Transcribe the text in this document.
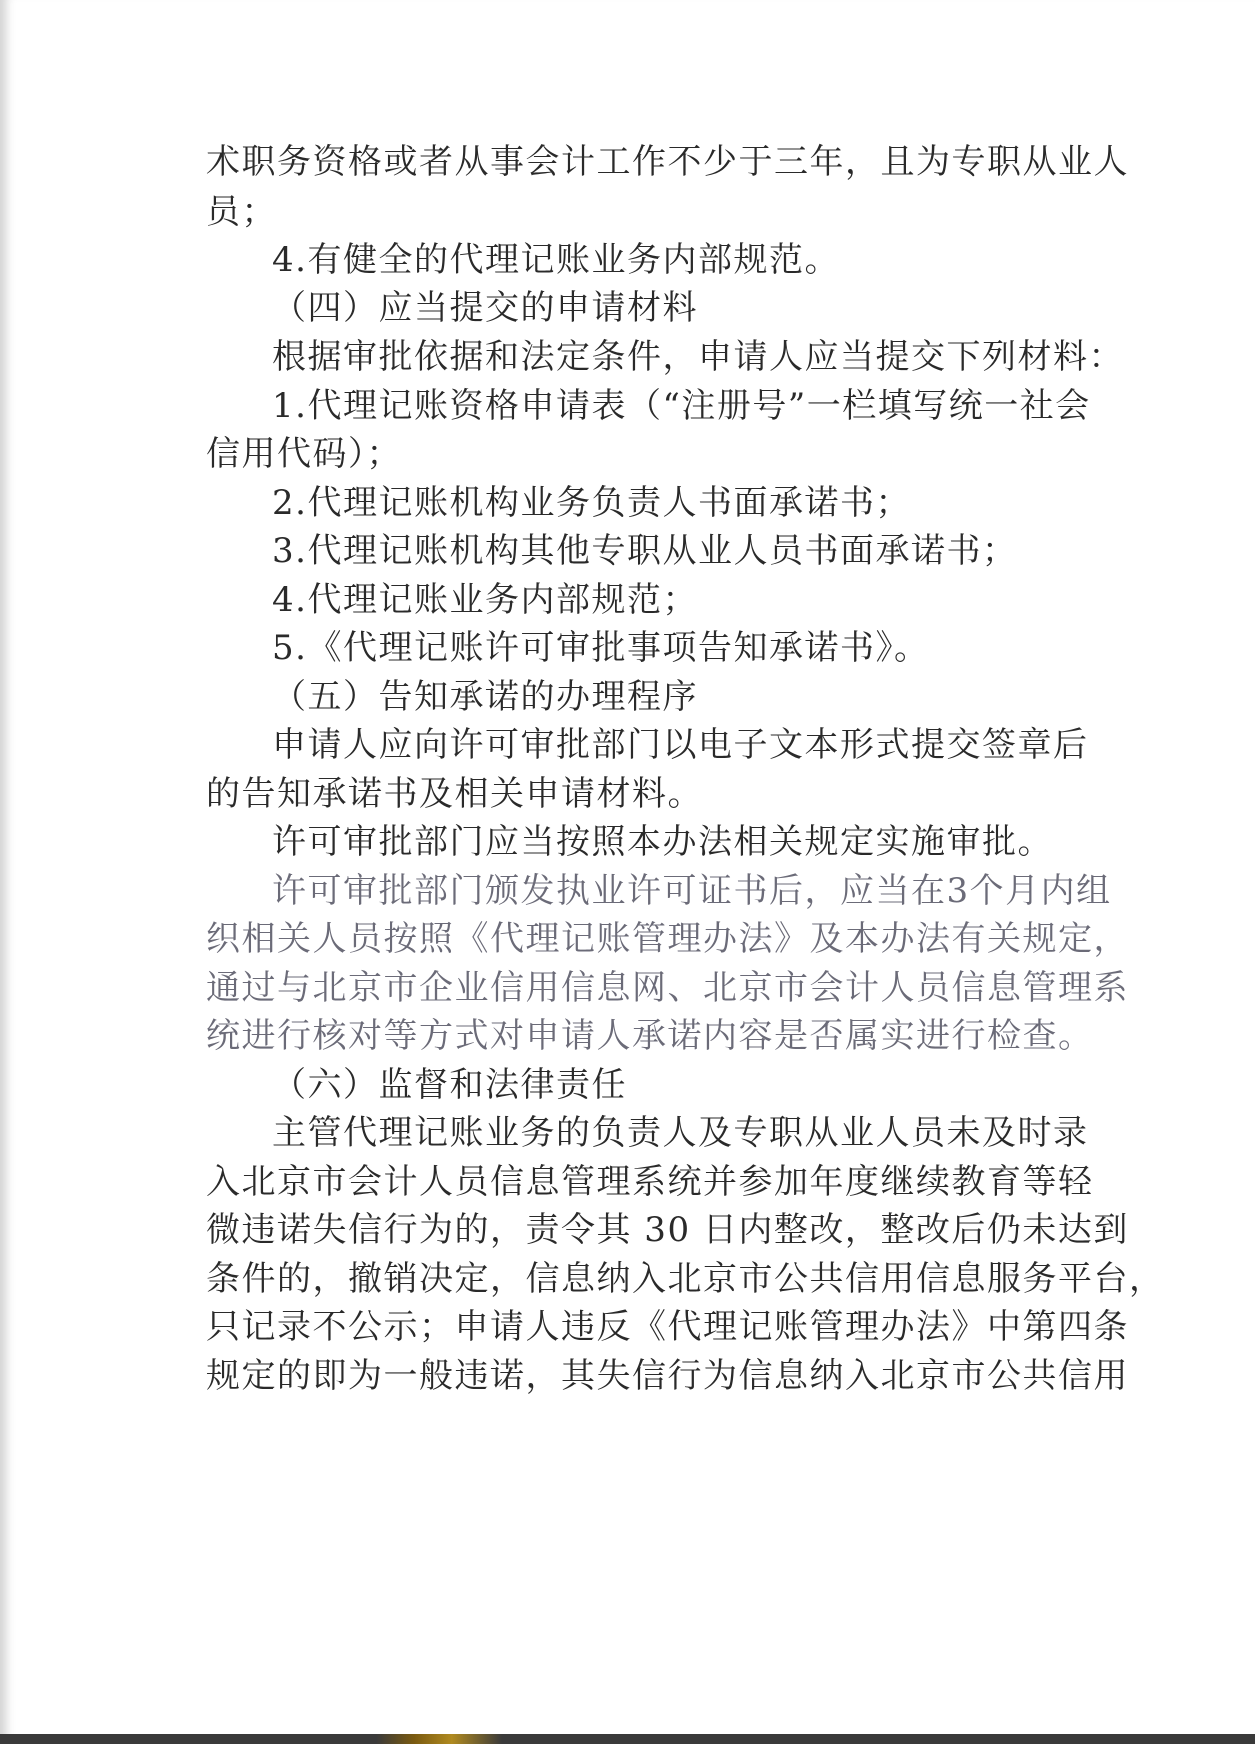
术职务资格或者从事会计工作不少于三年，且为专职从业人

员；

4.有健全的代理记账业务内部规范。

（四）应当提交的申请材料

根据审批依据和法定条件，申请人应当提交下列材料：

1.代理记账资格申请表（“注册号”一栏填写统一社会

信用代码）；

2.代理记账机构业务负责人书面承诺书；

3.代理记账机构其他专职从业人员书面承诺书；

4.代理记账业务内部规范；

5.《代理记账许可审批事项告知承诺书》。

（五）告知承诺的办理程序

申请人应向许可审批部门以电子文本形式提交签章后

的告知承诺书及相关申请材料。

许可审批部门应当按照本办法相关规定实施审批。

许可审批部门颁发执业许可证书后，应当在3个月内组

织相关人员按照《代理记账管理办法》及本办法有关规定，

通过与北京市企业信用信息网、北京市会计人员信息管理系

统进行核对等方式对申请人承诺内容是否属实进行检查。

（六）监督和法律责任

主管代理记账业务的负责人及专职从业人员未及时录

入北京市会计人员信息管理系统并参加年度继续教育等轻

微违诺失信行为的，责令其 30 日内整改，整改后仍未达到

条件的，撤销决定，信息纳入北京市公共信用信息服务平台，

只记录不公示；申请人违反《代理记账管理办法》中第四条

规定的即为一般违诺，其失信行为信息纳入北京市公共信用
